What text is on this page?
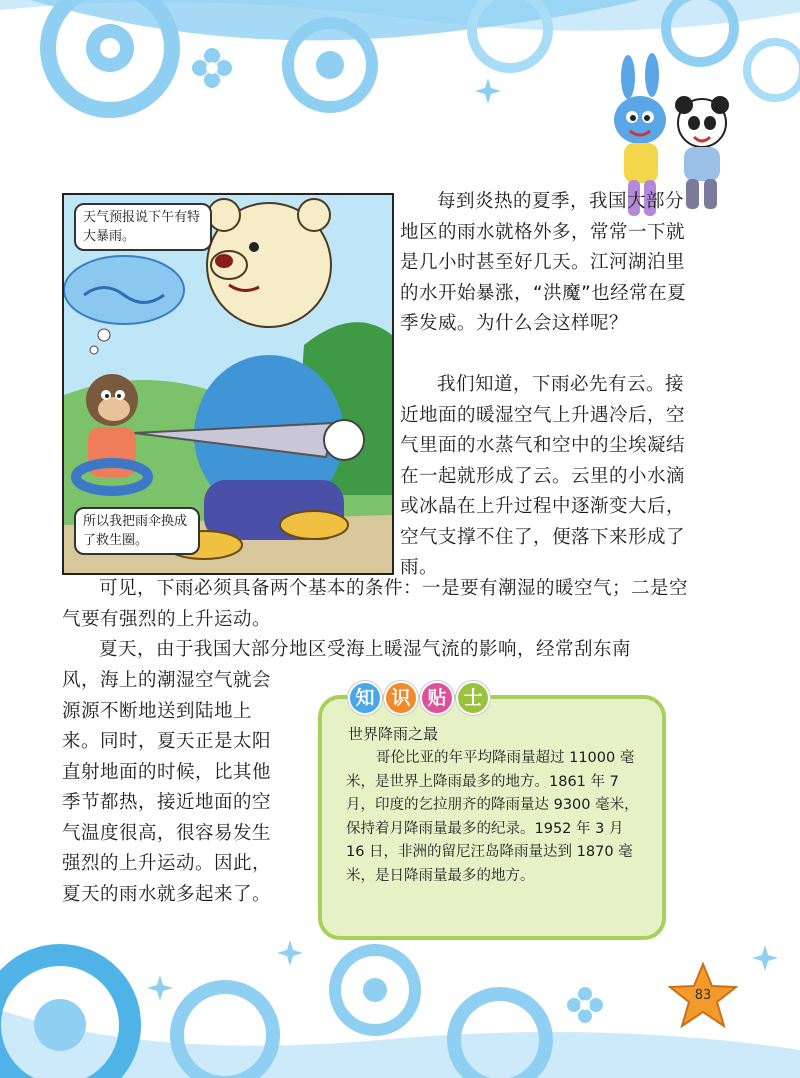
天气预报说下午有特大暴雨。
所以我把雨伞换成了救生圈。

每到炎热的夏季，我国大部分地区的雨水就格外多，常常一下就是几小时甚至好几天。江河湖泊里的水开始暴涨，“洪魔”也经常在夏季发威。为什么会这样呢？

我们知道，下雨必先有云。接近地面的暖湿空气上升遇冷后，空气里面的水蒸气和空中的尘埃凝结在一起就形成了云。云里的小水滴或冰晶在上升过程中逐渐变大后，空气支撑不住了，便落下来形成了雨。

可见，下雨必须具备两个基本的条件：一是要有潮湿的暖空气；二是空气要有强烈的上升运动。

夏天，由于我国大部分地区受海上暖湿气流的影响，经常刮东南

风，海上的潮湿空气就会源源不断地送到陆地上来。同时，夏天正是太阳直射地面的时候，比其他季节都热，接近地面的空气温度很高，很容易发生强烈的上升运动。因此，夏天的雨水就多起来了。

知 识 贴 士
世界降雨之最

哥伦比亚的年平均降雨量超过 11000 毫米，是世界上降雨最多的地方。1861 年 7 月，印度的乞拉朋齐的降雨量达 9300 毫米，保持着月降雨量最多的纪录。1952 年 3 月 16 日，非洲的留尼汪岛降雨量达到 1870 毫米，是日降雨量最多的地方。

83
